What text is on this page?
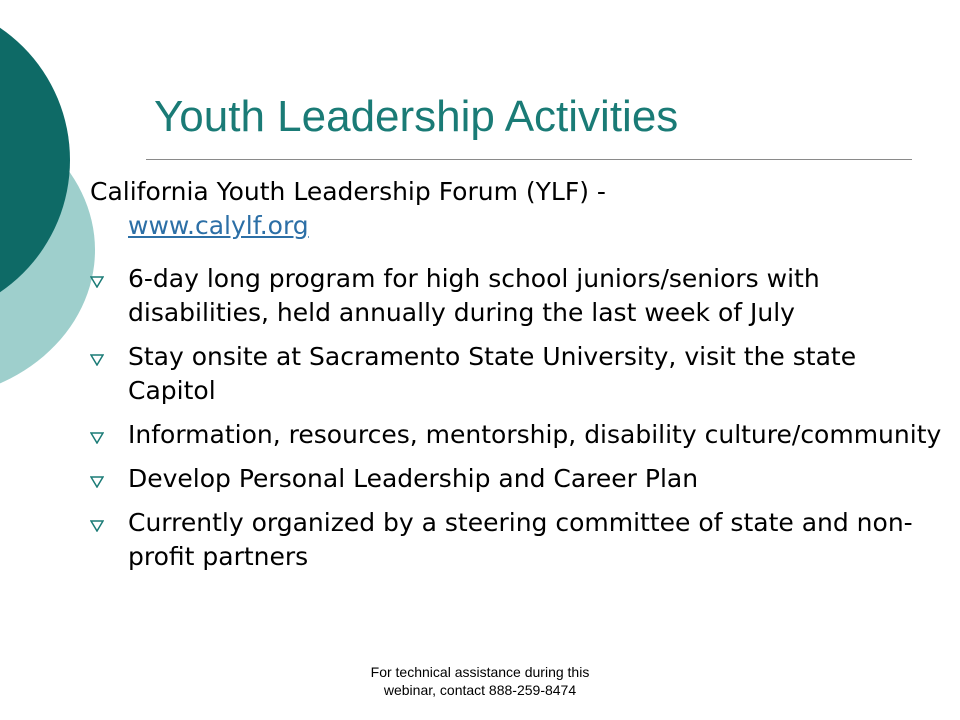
Youth Leadership Activities
California Youth Leadership Forum (YLF) -
www.calylf.org
6-day long program for high school juniors/seniors with disabilities, held annually during the last week of July
Stay onsite at Sacramento State University, visit the state Capitol
Information, resources, mentorship, disability culture/community
Develop Personal Leadership and Career Plan
Currently organized by a steering committee of state and non-profit partners
For technical assistance during this
webinar, contact 888-259-8474
